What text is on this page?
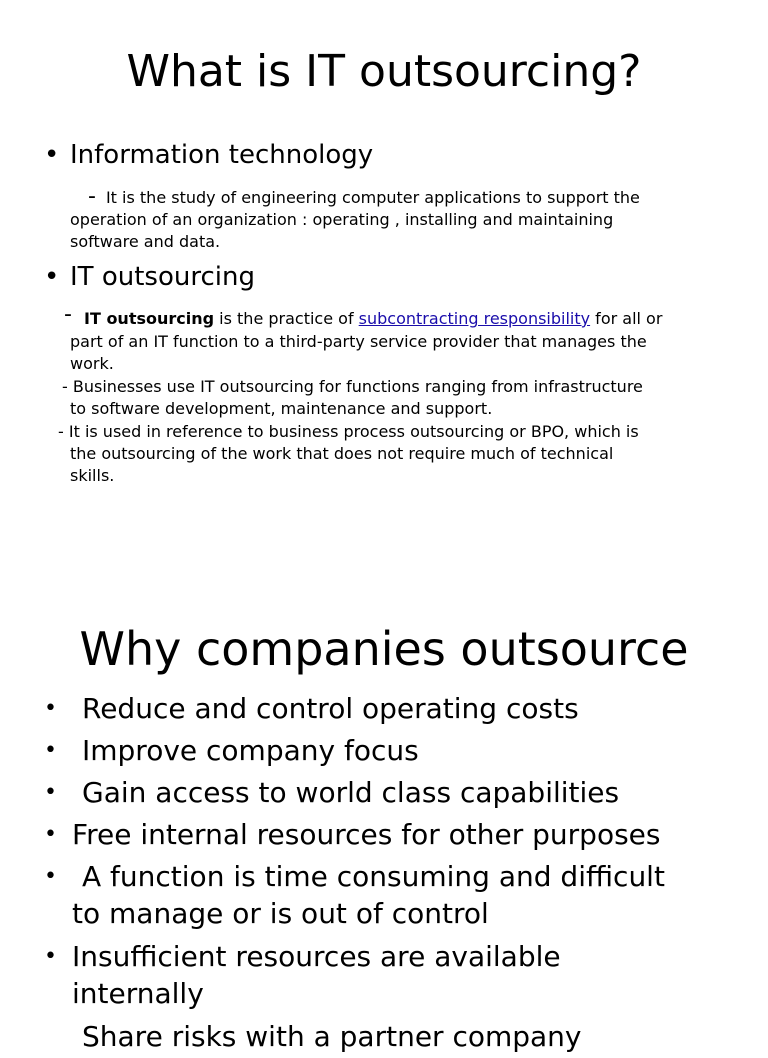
What is IT outsourcing?
• Information technology
- It is the study of engineering computer applications to support the
operation of an organization : operating , installing and maintaining
software and data.
• IT outsourcing
- IT outsourcing is the practice of subcontracting responsibility for all or
part of an IT function to a third-party service provider that manages the
work.
- Businesses use IT outsourcing for functions ranging from infrastructure
to software development, maintenance and support.
- It is used in reference to business process outsourcing or BPO, which is
the outsourcing of the work that does not require much of technical
skills.
Why companies outsource
• Reduce and control operating costs
• Improve company focus
• Gain access to world class capabilities
• Free internal resources for other purposes
• A function is time consuming and difficult
to manage or is out of control
• Insufficient resources are available
internally
Share risks with a partner company
